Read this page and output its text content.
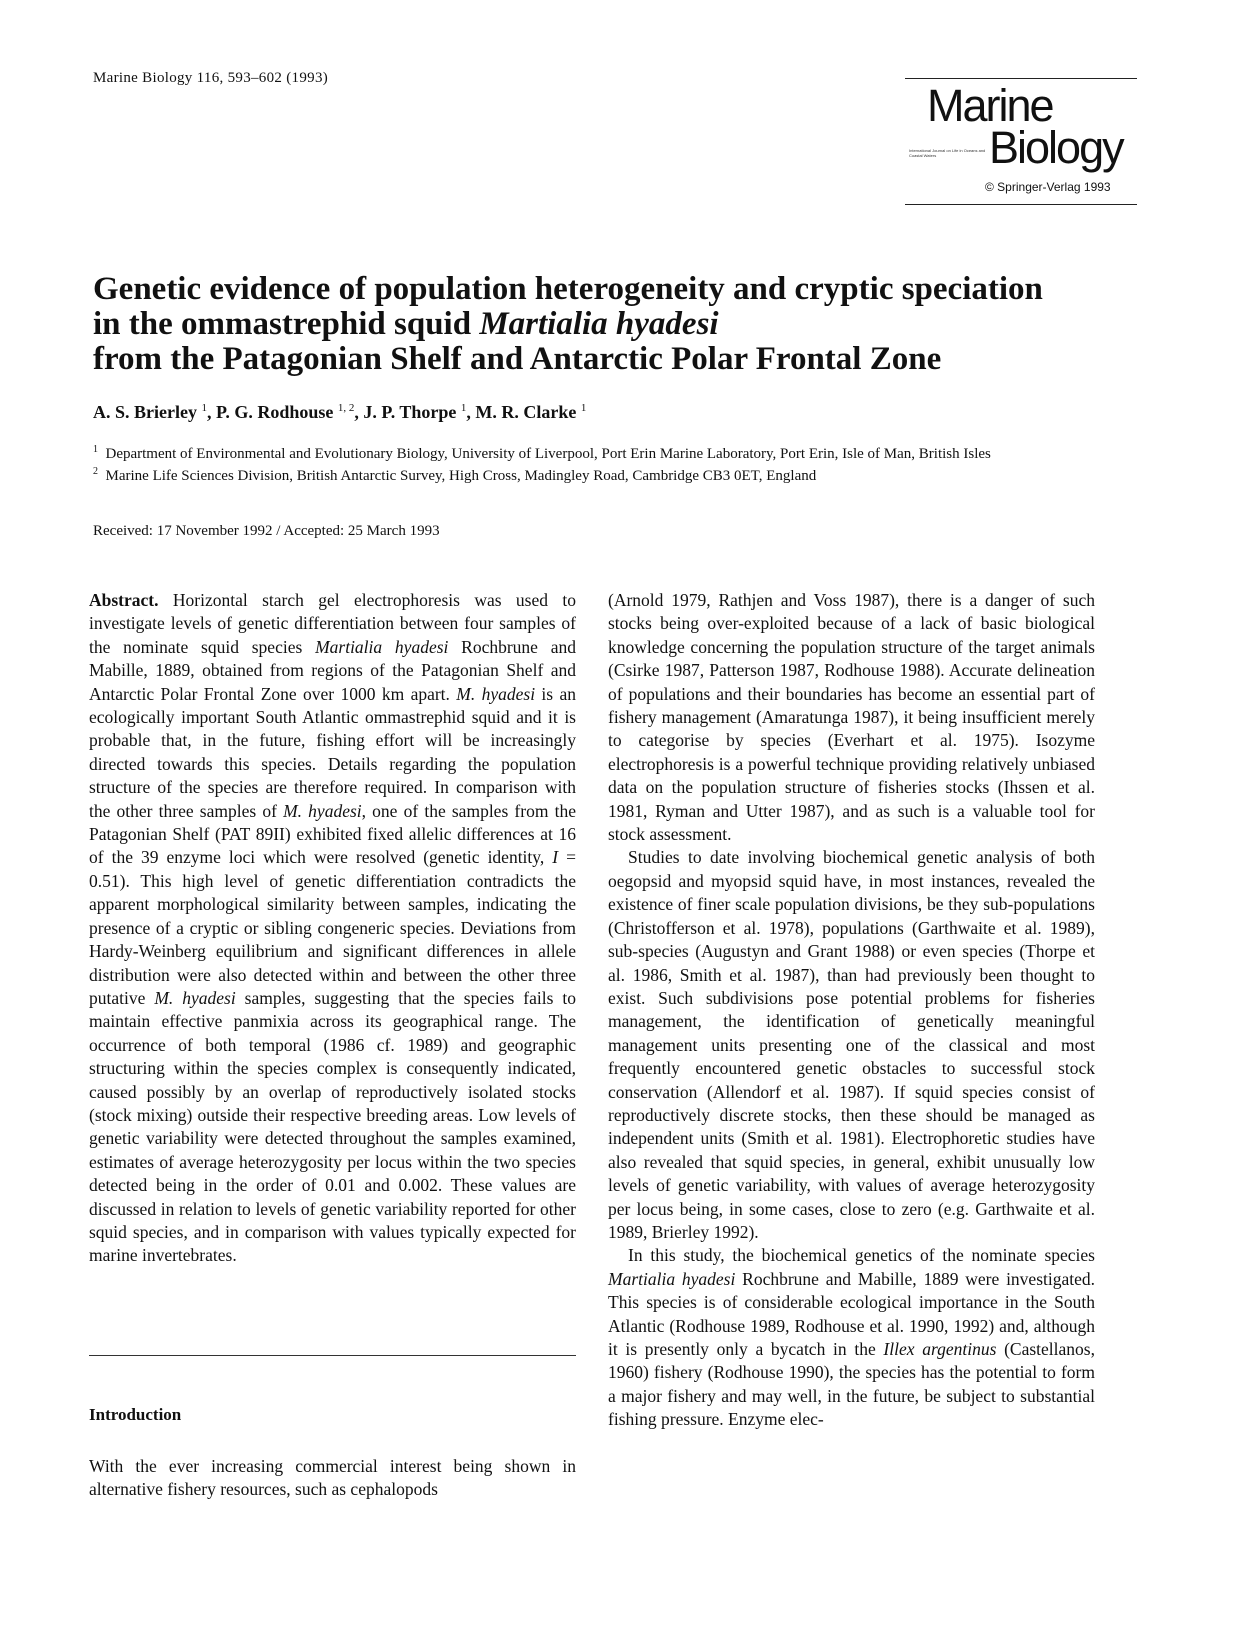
Marine Biology 116, 593–602 (1993)
Marine
International Journal on Life in Oceans and Coastal Waters	Biology
© Springer-Verlag 1993
Genetic evidence of population heterogeneity and cryptic speciation
in the ommastrephid squid Martialia hyadesi
from the Patagonian Shelf and Antarctic Polar Frontal Zone
A. S. Brierley $^1$, P. G. Rodhouse $^{1, 2}$, J. P. Thorpe $^1$, M. R. Clarke $^1$

$^1$ Department of Environmental and Evolutionary Biology, University of Liverpool, Port Erin Marine Laboratory, Port Erin, Isle of Man, British Isles

$^2$ Marine Life Sciences Division, British Antarctic Survey, High Cross, Madingley Road, Cambridge CB3 0ET, England

Received: 17 November 1992 / Accepted: 25 March 1993

Abstract. Horizontal starch gel electrophoresis was used to investigate levels of genetic differentiation between four samples of the nominate squid species Martialia hyadesi Rochbrune and Mabille, 1889, obtained from regions of the Patagonian Shelf and Antarctic Polar Frontal Zone over 1000 km apart. M. hyadesi is an ecologically important South Atlantic ommastrephid squid and it is probable that, in the future, fishing effort will be increasingly directed towards this species. Details regarding the population structure of the species are therefore required. In comparison with the other three samples of M. hyadesi, one of the samples from the Patagonian Shelf (PAT 89II) exhibited fixed allelic differences at 16 of the 39 enzyme loci which were resolved (genetic identity, I = 0.51). This high level of genetic differentiation contradicts the apparent morphological similarity between samples, indicating the presence of a cryptic or sibling congeneric species. Deviations from Hardy-Weinberg equilibrium and significant differences in allele distribution were also detected within and between the other three putative M. hyadesi samples, suggesting that the species fails to maintain effective panmixia across its geographical range. The occurrence of both temporal (1986 cf. 1989) and geographic structuring within the species complex is consequently indicated, caused possibly by an overlap of reproductively isolated stocks (stock mixing) outside their respective breeding areas. Low levels of genetic variability were detected throughout the samples examined, estimates of average heterozygosity per locus within the two species detected being in the order of 0.01 and 0.002. These values are discussed in relation to levels of genetic variability reported for other squid species, and in comparison with values typically expected for marine invertebrates.

Introduction
With the ever increasing commercial interest being shown in alternative fishery resources, such as cephalopods

(Arnold 1979, Rathjen and Voss 1987), there is a danger of such stocks being over-exploited because of a lack of basic biological knowledge concerning the population structure of the target animals (Csirke 1987, Patterson 1987, Rodhouse 1988). Accurate delineation of populations and their boundaries has become an essential part of fishery management (Amaratunga 1987), it being insufficient merely to categorise by species (Everhart et al. 1975). Isozyme electrophoresis is a powerful technique providing relatively unbiased data on the population structure of fisheries stocks (Ihssen et al. 1981, Ryman and Utter 1987), and as such is a valuable tool for stock assessment.

Studies to date involving biochemical genetic analysis of both oegopsid and myopsid squid have, in most instances, revealed the existence of finer scale population divisions, be they sub-populations (Christofferson et al. 1978), populations (Garthwaite et al. 1989), sub-species (Augustyn and Grant 1988) or even species (Thorpe et al. 1986, Smith et al. 1987), than had previously been thought to exist. Such subdivisions pose potential problems for fisheries management, the identification of genetically meaningful management units presenting one of the classical and most frequently encountered genetic obstacles to successful stock conservation (Allendorf et al. 1987). If squid species consist of reproductively discrete stocks, then these should be managed as independent units (Smith et al. 1981). Electrophoretic studies have also revealed that squid species, in general, exhibit unusually low levels of genetic variability, with values of average heterozygosity per locus being, in some cases, close to zero (e.g. Garthwaite et al. 1989, Brierley 1992).

In this study, the biochemical genetics of the nominate species Martialia hyadesi Rochbrune and Mabille, 1889 were investigated. This species is of considerable ecological importance in the South Atlantic (Rodhouse 1989, Rodhouse et al. 1990, 1992) and, although it is presently only a bycatch in the Illex argentinus (Castellanos, 1960) fishery (Rodhouse 1990), the species has the potential to form a major fishery and may well, in the future, be subject to substantial fishing pressure. Enzyme elec-
